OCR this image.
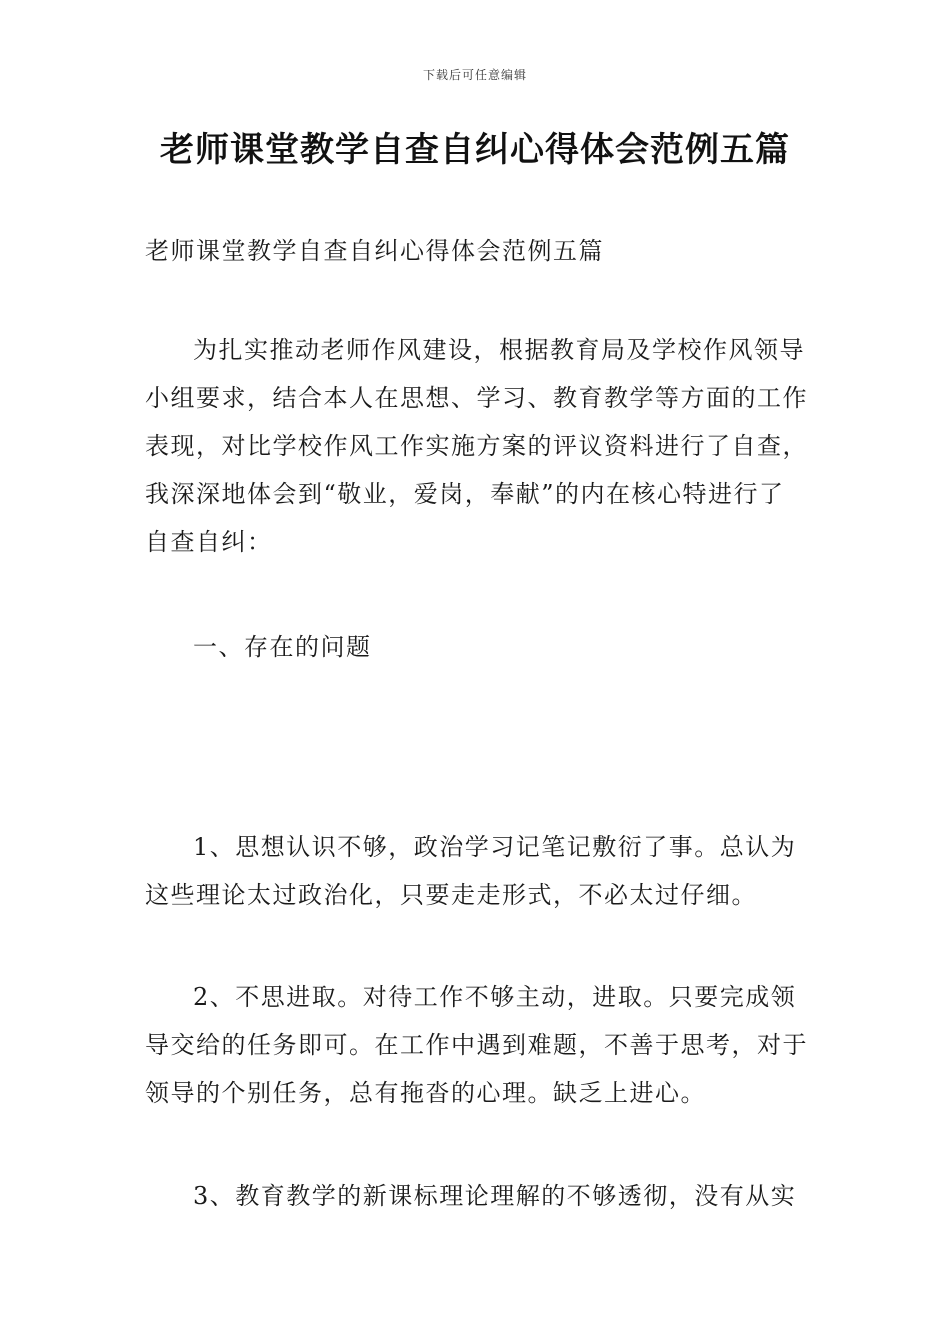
下载后可任意编辑
老师课堂教学自查自纠心得体会范例五篇

老师课堂教学自查自纠心得体会范例五篇

为扎实推动老师作风建设，根据教育局及学校作风领导小组要求，结合本人在思想、学习、教育教学等方面的工作表现，对比学校作风工作实施方案的评议资料进行了自查，我深深地体会到“敬业，爱岗，奉献”的内在核心特进行了自查自纠：

一、存在的问题

1、思想认识不够，政治学习记笔记敷衍了事。总认为这些理论太过政治化，只要走走形式，不必太过仔细。

2、不思进取。对待工作不够主动，进取。只要完成领导交给的任务即可。在工作中遇到难题，不善于思考，对于领导的个别任务，总有拖沓的心理。缺乏上进心。

3、教育教学的新课标理论理解的不够透彻，没有从实
